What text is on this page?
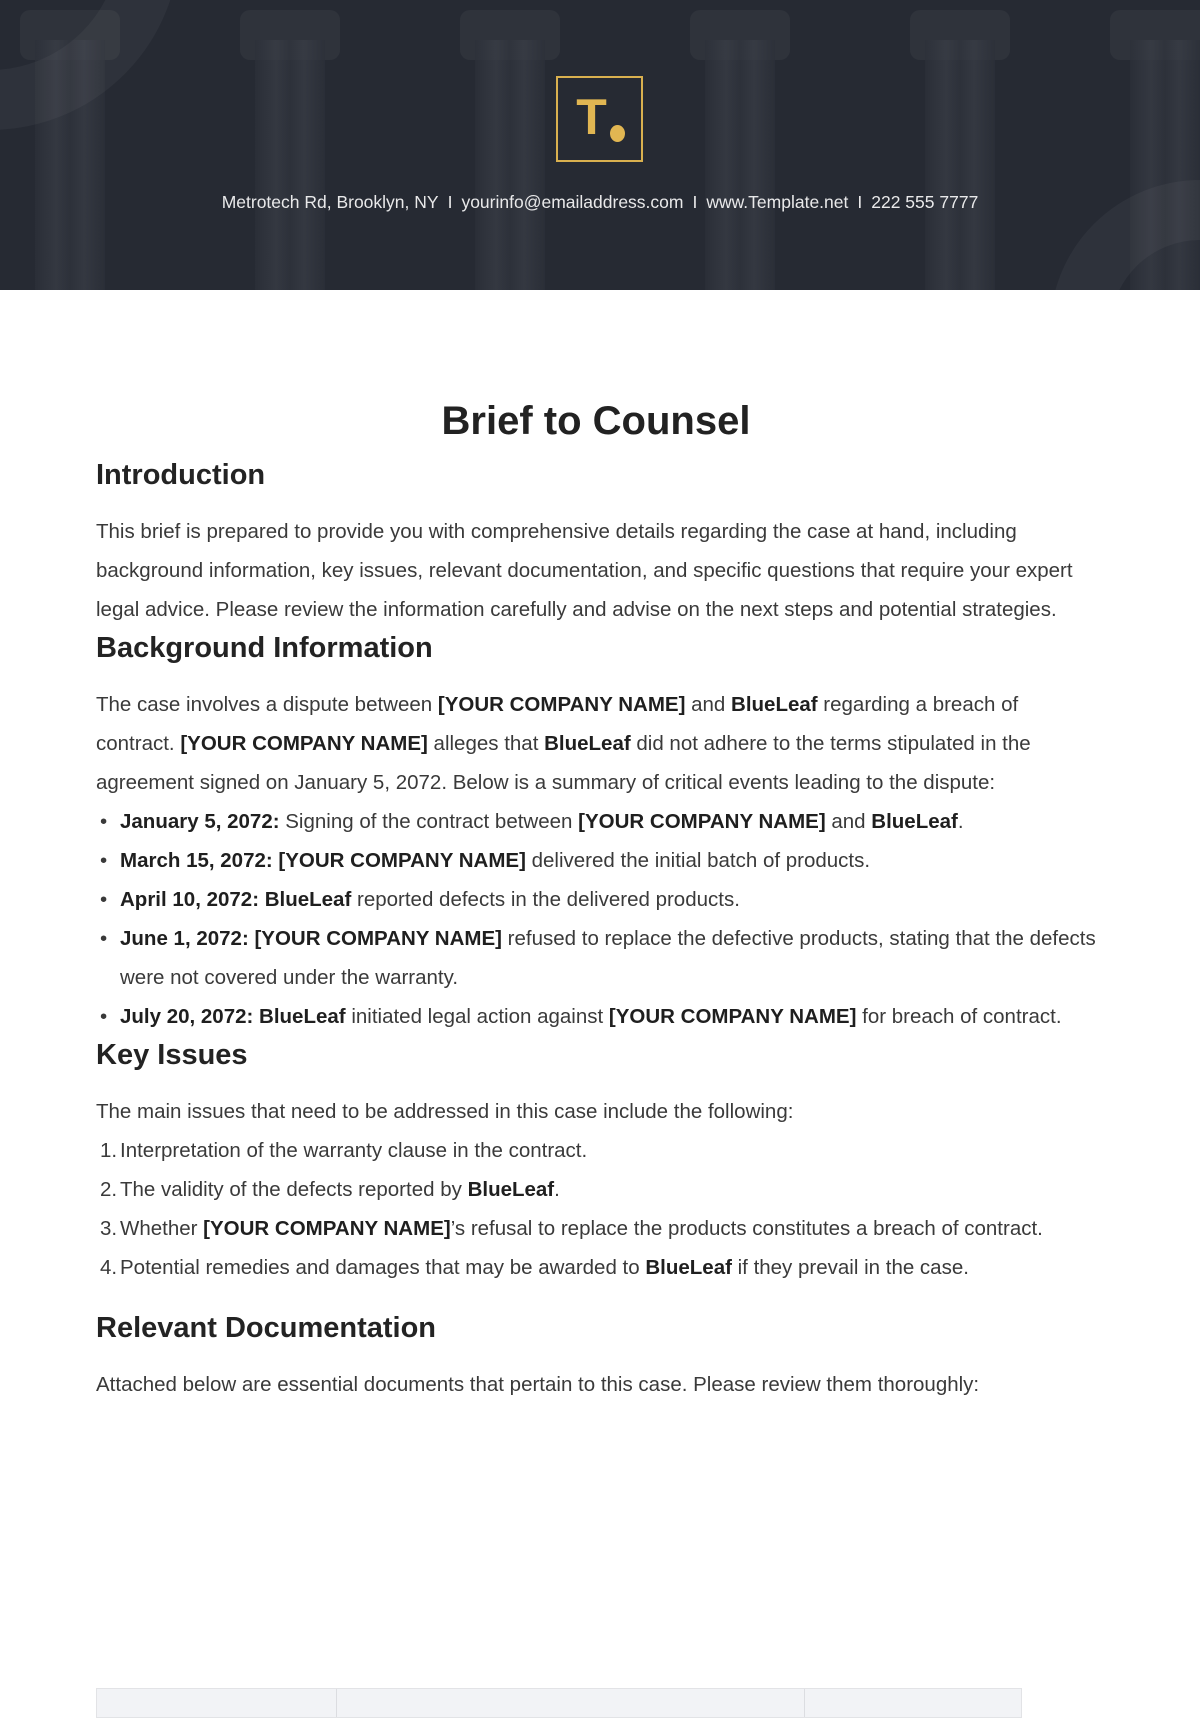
T
Metrotech Rd, Brooklyn, NY I yourinfo@emailaddress.com I www.Template.net I 222 555 7777
Brief to Counsel
Introduction

This brief is prepared to provide you with comprehensive details regarding the case at hand, including background information, key issues, relevant documentation, and specific questions that require your expert legal advice. Please review the information carefully and advise on the next steps and potential strategies.

Background Information

The case involves a dispute between [YOUR COMPANY NAME] and BlueLeaf regarding a breach of contract. [YOUR COMPANY NAME] alleges that BlueLeaf did not adhere to the terms stipulated in the agreement signed on January 5, 2072. Below is a summary of critical events leading to the dispute:

• January 5, 2072: Signing of the contract between [YOUR COMPANY NAME] and BlueLeaf.
• March 15, 2072: [YOUR COMPANY NAME] delivered the initial batch of products.
• April 10, 2072: BlueLeaf reported defects in the delivered products.
• June 1, 2072: [YOUR COMPANY NAME] refused to replace the defective products, stating that the defects were not covered under the warranty.
• July 20, 2072: BlueLeaf initiated legal action against [YOUR COMPANY NAME] for breach of contract.
Key Issues

The main issues that need to be addressed in this case include the following:

1. Interpretation of the warranty clause in the contract.
2. The validity of the defects reported by BlueLeaf.
3. Whether [YOUR COMPANY NAME]’s refusal to replace the products constitutes a breach of contract.
4. Potential remedies and damages that may be awarded to BlueLeaf if they prevail in the case.
Relevant Documentation

Attached below are essential documents that pertain to this case. Please review them thoroughly:
